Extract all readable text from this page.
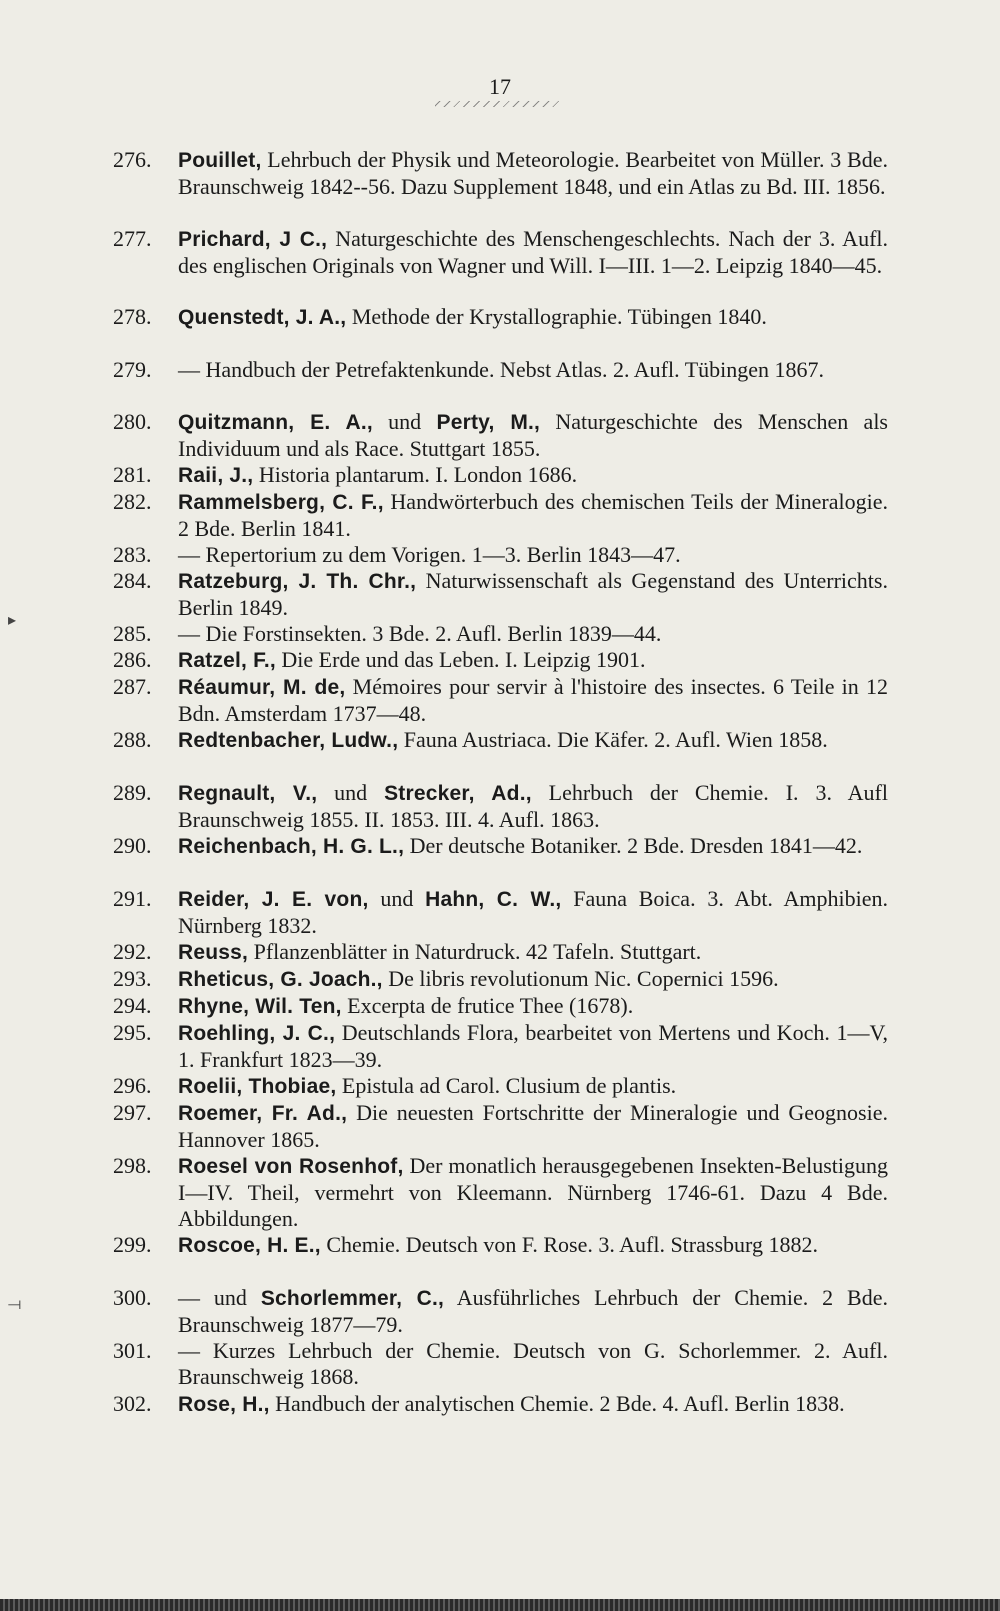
17
276.	Pouillet, Lehrbuch der Physik und Meteorologie. Bearbeitet von Müller. 3 Bde. Braunschweig 1842--56. Dazu Supplement 1848, und ein Atlas zu Bd. III. 1856.
277.	Prichard, J C., Naturgeschichte des Menschengeschlechts. Nach der 3. Aufl. des englischen Originals von Wagner und Will. I—III. 1—2. Leipzig 1840—45.
278.	Quenstedt, J. A., Methode der Krystallographie. Tübingen 1840.
279.	— Handbuch der Petrefaktenkunde. Nebst Atlas. 2. Aufl. Tübingen 1867.
280.	Quitzmann, E. A., und Perty, M., Naturgeschichte des Menschen als Individuum und als Race. Stuttgart 1855.
281.	Raii, J., Historia plantarum. I. London 1686.
282.	Rammelsberg, C. F., Handwörterbuch des chemischen Teils der Mineralogie. 2 Bde. Berlin 1841.
283.	— Repertorium zu dem Vorigen. 1—3. Berlin 1843—47.
284.	Ratzeburg, J. Th. Chr., Naturwissenschaft als Gegenstand des Unterrichts. Berlin 1849.
285.	— Die Forstinsekten. 3 Bde. 2. Aufl. Berlin 1839—44.
286.	Ratzel, F., Die Erde und das Leben. I. Leipzig 1901.
287.	Réaumur, M. de, Mémoires pour servir à l'histoire des insectes. 6 Teile in 12 Bdn. Amsterdam 1737—48.
288.	Redtenbacher, Ludw., Fauna Austriaca. Die Käfer. 2. Aufl. Wien 1858.
289.	Regnault, V., und Strecker, Ad., Lehrbuch der Chemie. I. 3. Aufl Braunschweig 1855. II. 1853. III. 4. Aufl. 1863.
290.	Reichenbach, H. G. L., Der deutsche Botaniker. 2 Bde. Dresden 1841—42.
291.	Reider, J. E. von, und Hahn, C. W., Fauna Boica. 3. Abt. Amphibien. Nürnberg 1832.
292.	Reuss, Pflanzenblätter in Naturdruck. 42 Tafeln. Stuttgart.
293.	Rheticus, G. Joach., De libris revolutionum Nic. Copernici 1596.
294.	Rhyne, Wil. Ten, Excerpta de frutice Thee (1678).
295.	Roehling, J. C., Deutschlands Flora, bearbeitet von Mertens und Koch. 1—V, 1. Frankfurt 1823—39.
296.	Roelii, Thobiae, Epistula ad Carol. Clusium de plantis.
297.	Roemer, Fr. Ad., Die neuesten Fortschritte der Mineralogie und Geognosie. Hannover 1865.
298.	Roesel von Rosenhof, Der monatlich herausgegebenen Insekten-Belustigung I—IV. Theil, vermehrt von Kleemann. Nürnberg 1746-61. Dazu 4 Bde. Abbildungen.
299.	Roscoe, H. E., Chemie. Deutsch von F. Rose. 3. Aufl. Strassburg 1882.
300.	— und Schorlemmer, C., Ausführliches Lehrbuch der Chemie. 2 Bde. Braunschweig 1877—79.
301.	— Kurzes Lehrbuch der Chemie. Deutsch von G. Schorlemmer. 2. Aufl. Braunschweig 1868.
302.	Rose, H., Handbuch der analytischen Chemie. 2 Bde. 4. Aufl. Berlin 1838.
▸
⟞
